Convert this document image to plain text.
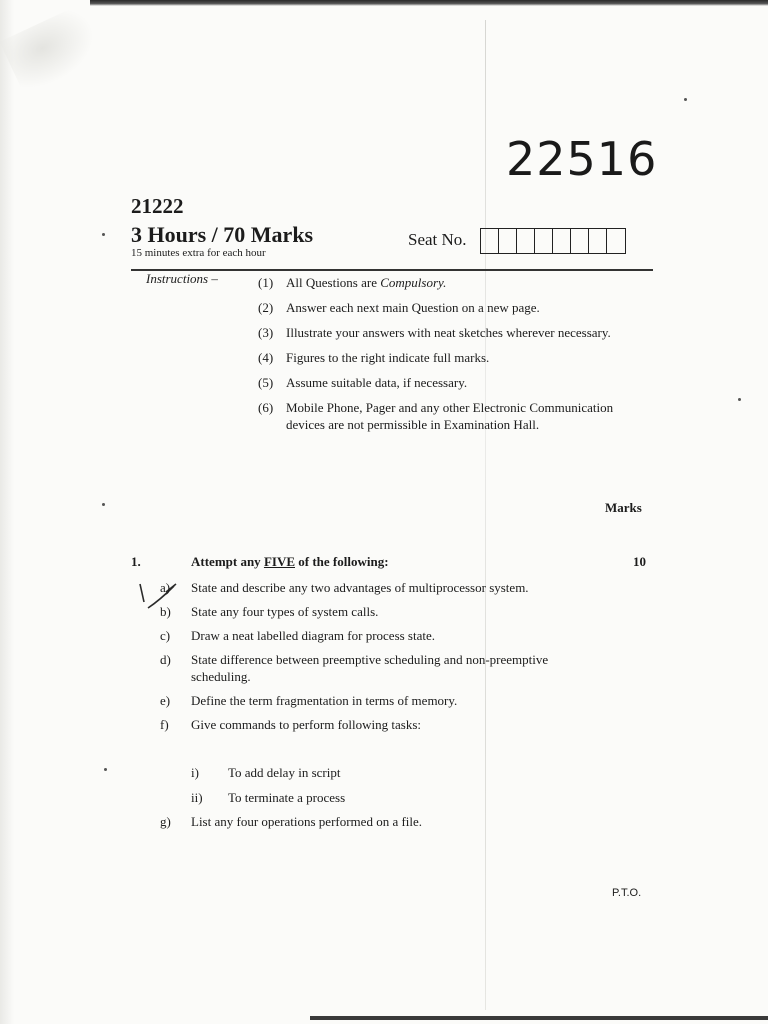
22516
21222
3 Hours / 70 Marks
15 minutes extra for each hour
Seat No.
Instructions –	(1) All Questions are Compulsory.
(2) Answer each next main Question on a new page.
(3) Illustrate your answers with neat sketches wherever necessary.
(4) Figures to the right indicate full marks.
(5) Assume suitable data, if necessary.
(6) Mobile Phone, Pager and any other Electronic Communication devices are not permissible in Examination Hall.
Marks
1.	Attempt any FIVE of the following:	10
a)	State and describe any two advantages of multiprocessor system.
b)	State any four types of system calls.
c)	Draw a neat labelled diagram for process state.
d)	State difference between preemptive scheduling and non-preemptive scheduling.
e)	Define the term fragmentation in terms of memory.
f)	Give commands to perform following tasks:
i)	To add delay in script
ii)	To terminate a process
g)	List any four operations performed on a file.
P.T.O.
